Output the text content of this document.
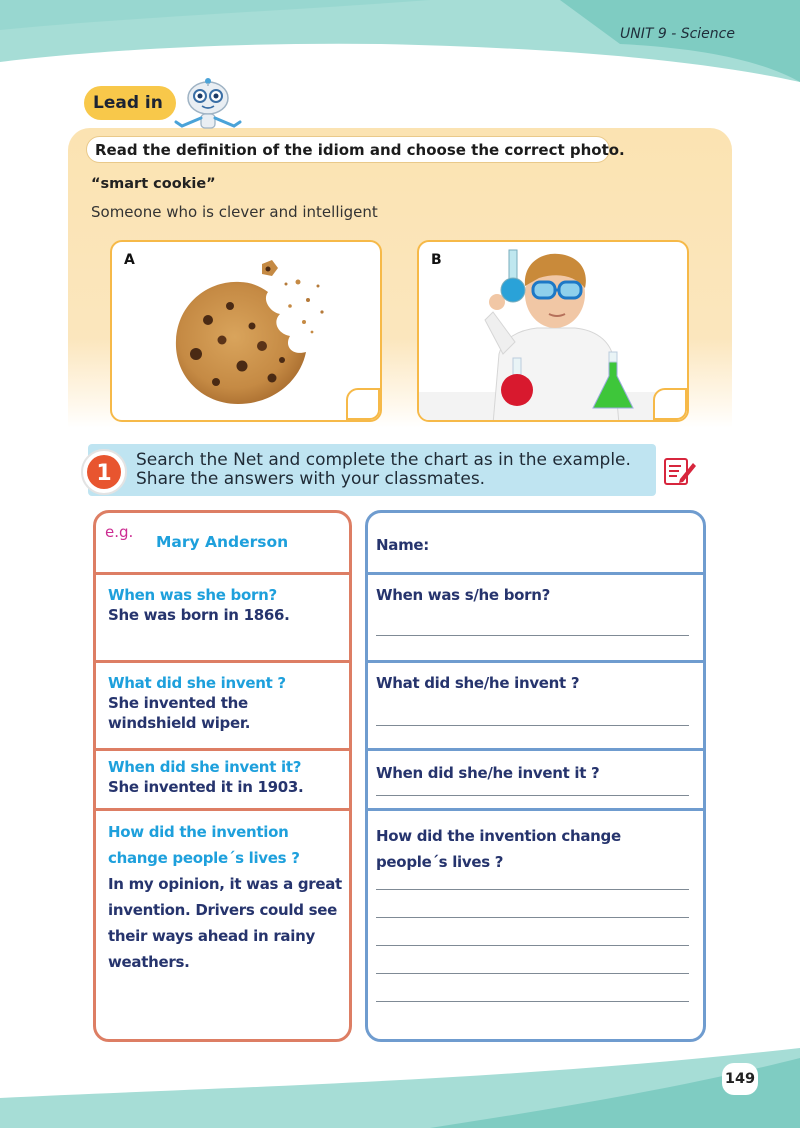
UNIT 9 - Science
Lead in
Read the definition of the idiom and choose the correct photo.
“smart cookie”
Someone who is clever and intelligent
A	B
1
Search the Net and complete the chart as in the example. Share the answers with your classmates.
e.g.
Mary Anderson
When was she born?
She was born in 1866.
What did she invent ?
She invented the windshield wiper.
When did she invent it?
She invented it in 1903.
How did the invention change people´s lives ?
In my opinion, it was a great invention. Drivers could see their ways ahead in rainy weathers.
Name:
When was s/he born?
What did she/he invent ?
When did she/he invent it ?
How did the invention change people´s lives ?
149
